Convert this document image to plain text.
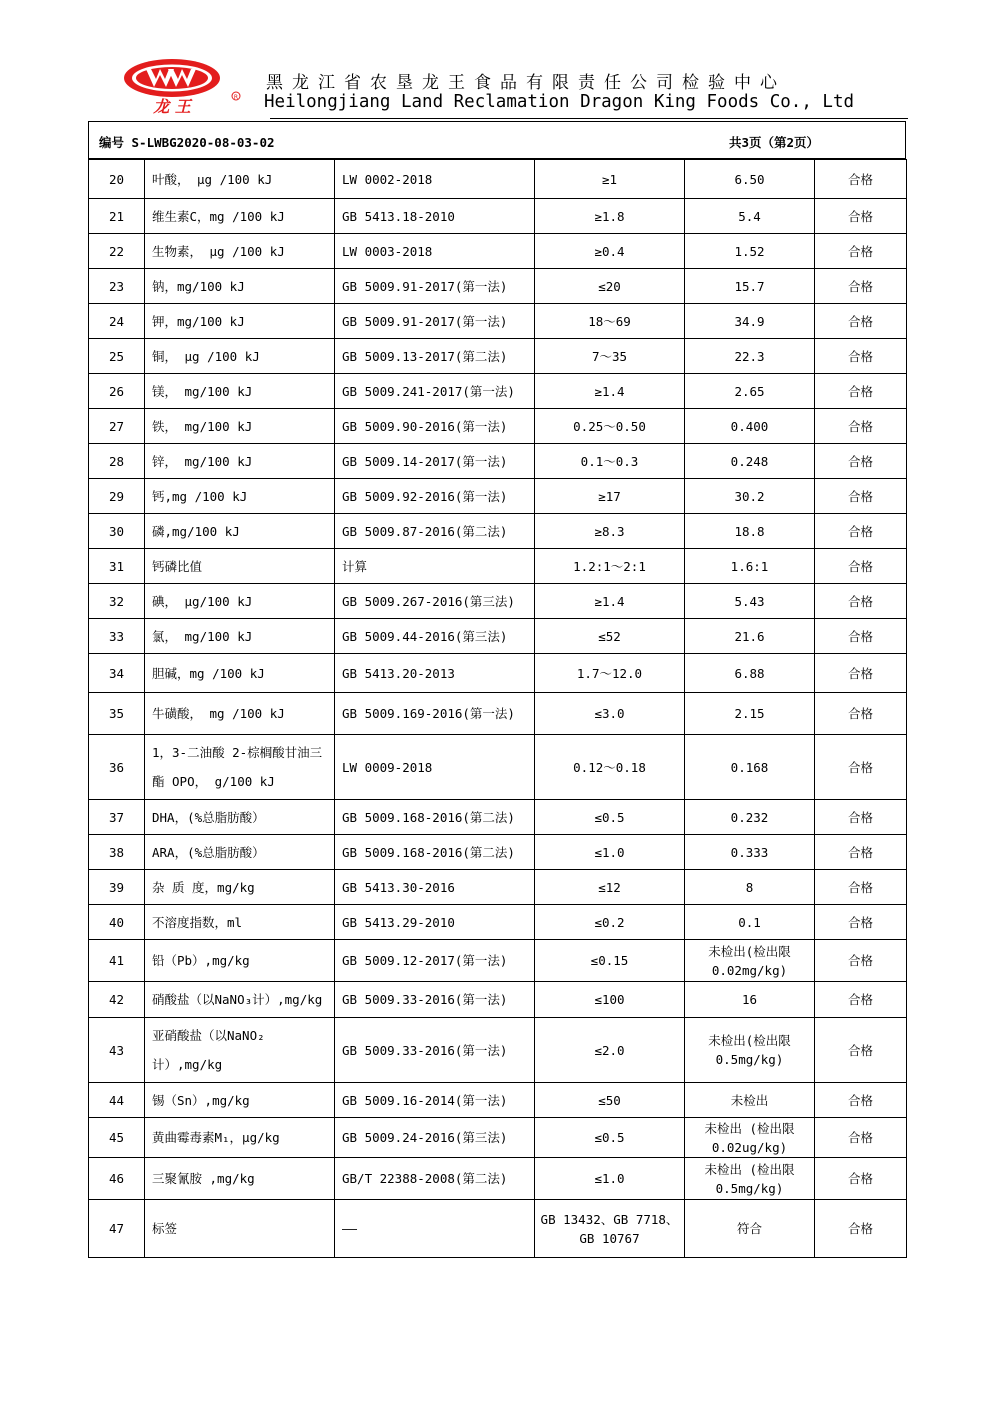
龙 王	R
黑龙江省农垦龙王食品有限责任公司检验中心
Heilongjiang Land Reclamation Dragon King Foods Co., Ltd
编号 S-LWBG2020-08-03-02	共3页（第2页）
20	叶酸， μg /100 kJ	LW 0002-2018	≥1	6.50	合格
21	维生素C，mg /100 kJ	GB 5413.18-2010	≥1.8	5.4	合格
22	生物素， μg /100 kJ	LW 0003-2018	≥0.4	1.52	合格
23	钠，mg/100 kJ	GB 5009.91-2017(第一法)	≤20	15.7	合格
24	钾，mg/100 kJ	GB 5009.91-2017(第一法)	18～69	34.9	合格
25	铜， μg /100 kJ	GB 5009.13-2017(第二法)	7～35	22.3	合格
26	镁， mg/100 kJ	GB 5009.241-2017(第一法)	≥1.4	2.65	合格
27	铁， mg/100 kJ	GB 5009.90-2016(第一法)	0.25～0.50	0.400	合格
28	锌， mg/100 kJ	GB 5009.14-2017(第一法)	0.1～0.3	0.248	合格
29	钙,mg /100 kJ	GB 5009.92-2016(第一法)	≥17	30.2	合格
30	磷,mg/100 kJ	GB 5009.87-2016(第二法)	≥8.3	18.8	合格
31	钙磷比值	计算	1.2:1～2:1	1.6:1	合格
32	碘， μg/100 kJ	GB 5009.267-2016(第三法)	≥1.4	5.43	合格
33	氯， mg/100 kJ	GB 5009.44-2016(第三法)	≤52	21.6	合格
34	胆碱，mg /100 kJ	GB 5413.20-2013	1.7～12.0	6.88	合格
35	牛磺酸， mg /100 kJ	GB 5009.169-2016(第一法)	≤3.0	2.15	合格
36	1，3-二油酸 2-棕榈酸甘油三酯 OPO， g/100 kJ	LW 0009-2018	0.12～0.18	0.168	合格
37	DHA，(%总脂肪酸）	GB 5009.168-2016(第二法)	≤0.5	0.232	合格
38	ARA，(%总脂肪酸）	GB 5009.168-2016(第二法)	≤1.0	0.333	合格
39	杂 质 度，mg/kg	GB 5413.30-2016	≤12	8	合格
40	不溶度指数，ml	GB 5413.29-2010	≤0.2	0.1	合格
41	铅（Pb）,mg/kg	GB 5009.12-2017(第一法)	≤0.15	未检出(检出限 0.02mg/kg)	合格
42	硝酸盐（以NaNO₃计）,mg/kg	GB 5009.33-2016(第一法)	≤100	16	合格
43	亚硝酸盐（以NaNO₂ 计）,mg/kg	GB 5009.33-2016(第一法)	≤2.0	未检出(检出限 0.5mg/kg)	合格
44	锡（Sn）,mg/kg	GB 5009.16-2014(第一法)	≤50	未检出	合格
45	黄曲霉毒素M₁，μg/kg	GB 5009.24-2016(第三法)	≤0.5	未检出 (检出限 0.02ug/kg)	合格
46	三聚氰胺 ,mg/kg	GB/T 22388-2008(第二法)	≤1.0	未检出 (检出限0.5mg/kg)	合格
47	标签	——	GB 13432、GB 7718、GB 10767	符合	合格
